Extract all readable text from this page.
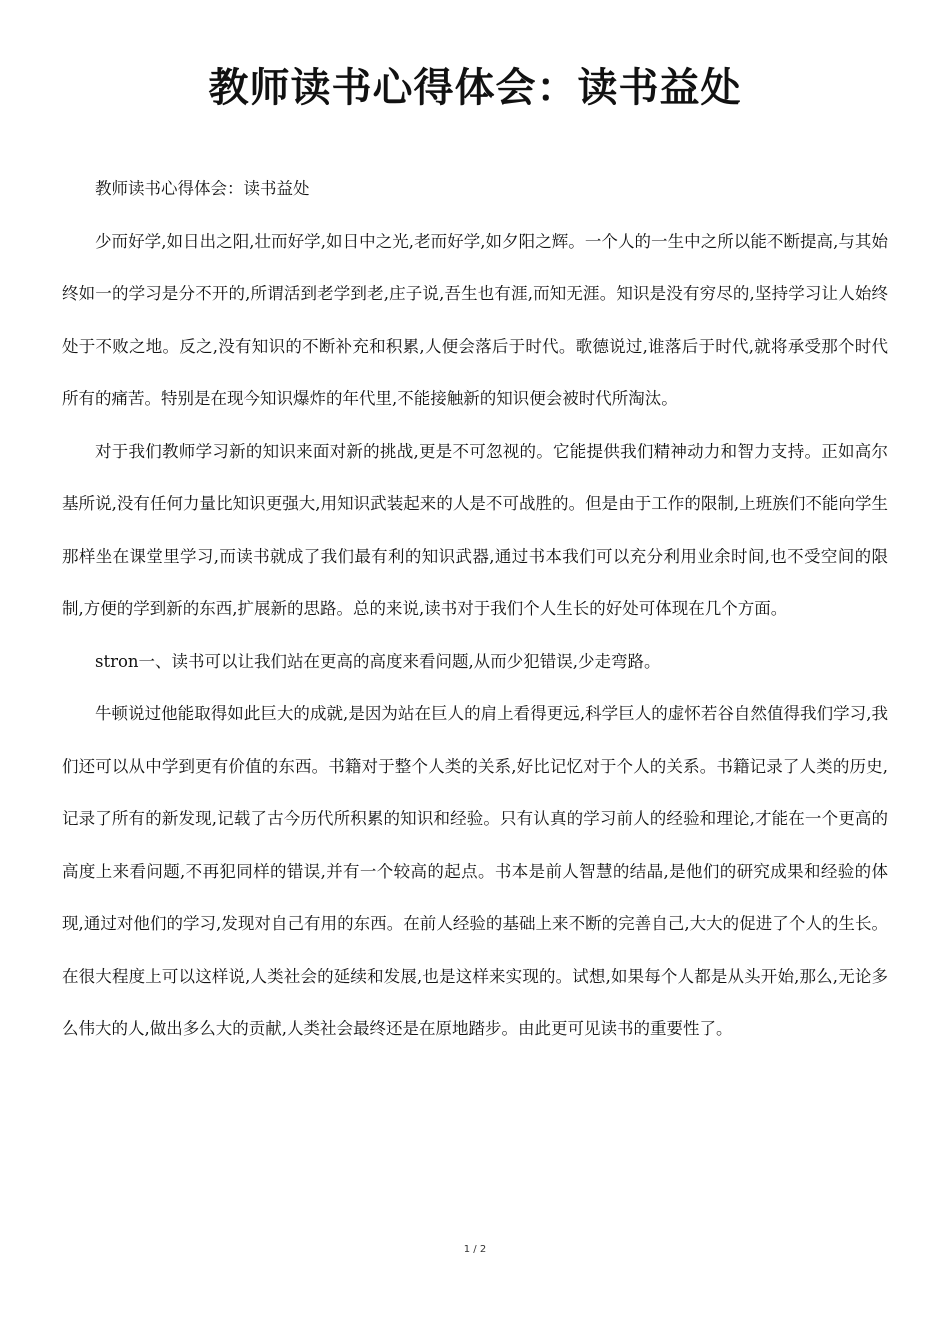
教师读书心得体会：读书益处

教师读书心得体会：读书益处

少而好学,如日出之阳,壮而好学,如日中之光,老而好学,如夕阳之辉。一个人的一生中之所以能不断提高,与其始终如一的学习是分不开的,所谓活到老学到老,庄子说,吾生也有涯,而知无涯。知识是没有穷尽的,坚持学习让人始终处于不败之地。反之,没有知识的不断补充和积累,人便会落后于时代。歌德说过,谁落后于时代,就将承受那个时代所有的痛苦。特别是在现今知识爆炸的年代里,不能接触新的知识便会被时代所淘汰。

对于我们教师学习新的知识来面对新的挑战,更是不可忽视的。它能提供我们精神动力和智力支持。正如高尔基所说,没有任何力量比知识更强大,用知识武装起来的人是不可战胜的。但是由于工作的限制,上班族们不能向学生那样坐在课堂里学习,而读书就成了我们最有利的知识武器,通过书本我们可以充分利用业余时间,也不受空间的限制,方便的学到新的东西,扩展新的思路。总的来说,读书对于我们个人生长的好处可体现在几个方面。

stron一、读书可以让我们站在更高的高度来看问题,从而少犯错误,少走弯路。

牛顿说过他能取得如此巨大的成就,是因为站在巨人的肩上看得更远,科学巨人的虚怀若谷自然值得我们学习,我们还可以从中学到更有价值的东西。书籍对于整个人类的关系,好比记忆对于个人的关系。书籍记录了人类的历史,记录了所有的新发现,记载了古今历代所积累的知识和经验。只有认真的学习前人的经验和理论,才能在一个更高的高度上来看问题,不再犯同样的错误,并有一个较高的起点。书本是前人智慧的结晶,是他们的研究成果和经验的体现,通过对他们的学习,发现对自己有用的东西。在前人经验的基础上来不断的完善自己,大大的促进了个人的生长。在很大程度上可以这样说,人类社会的延续和发展,也是这样来实现的。试想,如果每个人都是从头开始,那么,无论多么伟大的人,做出多么大的贡献,人类社会最终还是在原地踏步。由此更可见读书的重要性了。

1 / 2
